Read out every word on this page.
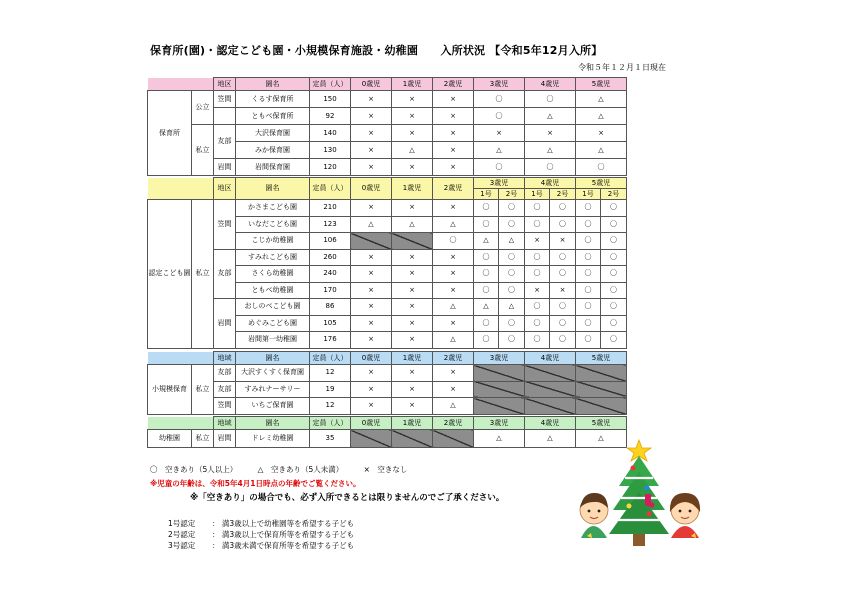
保育所(園)・認定こども園・小規模保育施設・幼稚園　　入所状況 【令和5年12月入所】
令和５年１２月１日現在
		地区	園名	定員（人）	0歳児	1歳児	2歳児	3歳児	4歳児	5歳児
保育所	公立	笠間	くるす保育所	150	×	×	×	〇	〇	△
			ともべ保育所	92	×	×	×	〇	△	△
	私立	友部	大沢保育園	140	×	×	×	×	×	×
			みか保育園	130	×	△	×	△	△	△
		岩間	岩間保育園	120	×	×	×	〇	〇	〇
		地区	園名	定員（人）	0歳児	1歳児	2歳児	3歳児		4歳児		5歳児	
								1号	2号	1号	2号	1号	2号
認定こども園	私立	笠間	かさまこども園	210	×	×	×	〇	〇	〇	〇	〇	〇
			いなだこども園	123	△	△	△	〇	〇	〇	〇	〇	〇
			こじか幼稚園	106			〇	△	△	×	×	〇	〇
		友部	すみれこども園	260	×	×	×	〇	〇	〇	〇	〇	〇
			さくら幼稚園	240	×	×	×	〇	〇	〇	〇	〇	〇
			ともべ幼稚園	170	×	×	×	〇	〇	×	×	〇	〇
		岩間	おしのべこども園	86	×	×	△	△	△	〇	〇	〇	〇
			めぐみこども園	105	×	×	×	〇	〇	〇	〇	〇	〇
			岩間第一幼稚園	176	×	×	△	〇	〇	〇	〇	〇	〇
		地域	園名	定員（人）	0歳児	1歳児	2歳児	3歳児	4歳児	5歳児
小規模保育	私立	友部	大沢すくすく保育園	12	×	×	×			
		友部	すみれナーサリー	19	×	×	×			
		笠間	いちご保育園	12	×	×	△			
		地域	園名	定員（人）	0歳児	1歳児	2歳児	3歳児	4歳児	5歳児
幼稚園	私立	岩間	ドレミ幼稚園	35				△	△	△
〇　空きあり（5人以上）	△　空きあり（5人未満）	×　空きなし
※児童の年齢は、令和5年4月1日時点の年齢でご覧ください。
※「空きあり」の場合でも、必ず入所できるとは限りませんのでご了承ください。
1号認定 ： 満3歳以上で幼稚園等を希望する子ども
2号認定 ： 満3歳以上で保育所等を希望する子ども
3号認定 ： 満3歳未満で保育所等を希望する子ども
